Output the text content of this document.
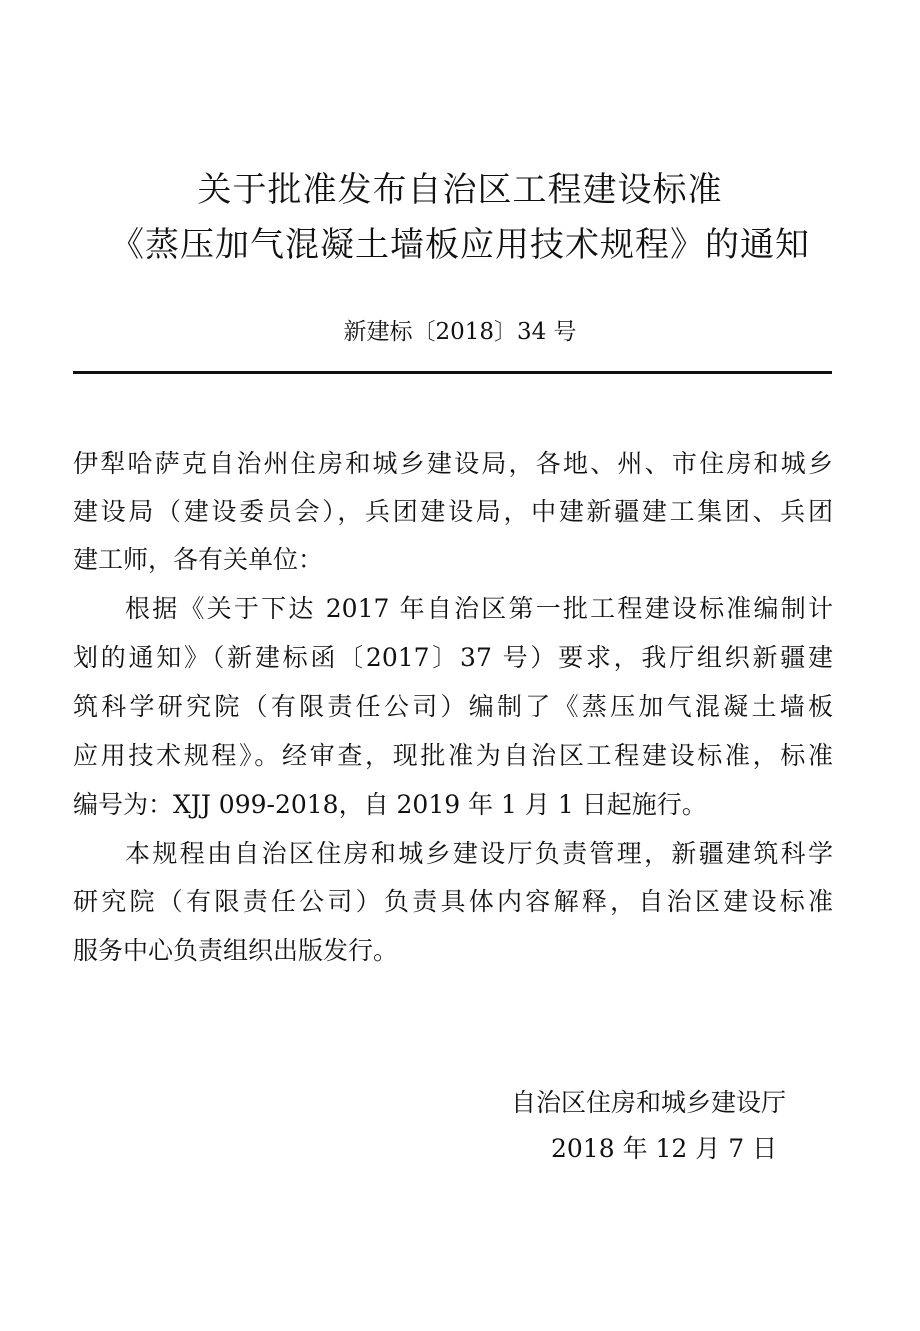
关于批准发布自治区工程建设标准
《蒸压加气混凝土墙板应用技术规程》的通知
新建标〔2018〕34 号
伊犁哈萨克自治州住房和城乡建设局，各地、州、市住房和城乡
建设局（建设委员会），兵团建设局，中建新疆建工集团、兵团
建工师，各有关单位：
根据《关于下达 2017 年自治区第一批工程建设标准编制计
划的通知》（新建标函〔2017〕37 号）要求，我厅组织新疆建
筑科学研究院（有限责任公司）编制了《蒸压加气混凝土墙板
应用技术规程》。经审查，现批准为自治区工程建设标准，标准
编号为：XJJ 099-2018，自 2019 年 1 月 1 日起施行。
本规程由自治区住房和城乡建设厅负责管理，新疆建筑科学
研究院（有限责任公司）负责具体内容解释，自治区建设标准
服务中心负责组织出版发行。
自治区住房和城乡建设厅
2018 年 12 月 7 日
